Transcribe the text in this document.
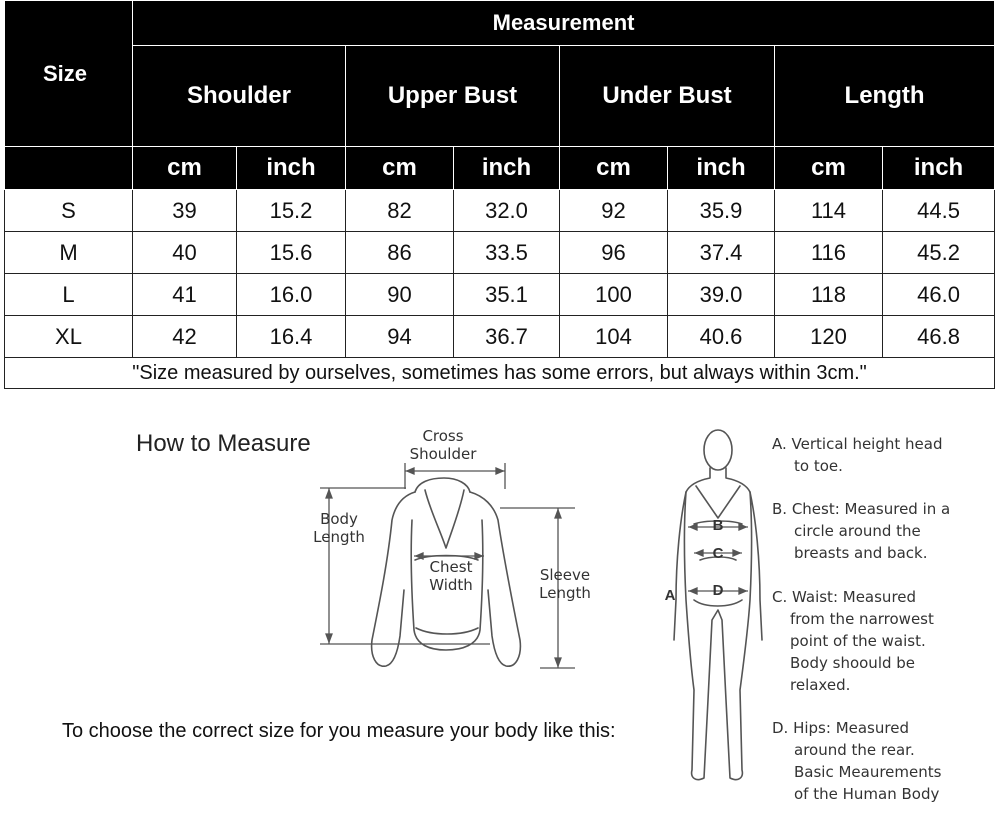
Size	Measurement							
	Shoulder		Upper Bust		Under Bust		Length	
	cm	inch	cm	inch	cm	inch	cm	inch
S	39	15.2	82	32.0	92	35.9	114	44.5
M	40	15.6	86	33.5	96	37.4	116	45.2
L	41	16.0	90	35.1	100	39.0	118	46.0
XL	42	16.4	94	36.7	104	40.6	120	46.8
"Size measured by ourselves, sometimes has some errors, but always within 3cm."								
How to Measure
To choose the correct size for you measure your body like this:
Cross
Shoulder
Body
Length
Chest
Width
Sleeve
Length	A
B
C
D
A. Vertical height head
to toe.
B. Chest: Measured in a
circle around the
breasts and back.
C. Waist: Measured
from the narrowest
point of the waist.
Body shoould be
relaxed.
D. Hips: Measured
around the rear.
Basic Meaurements
of the Human Body
